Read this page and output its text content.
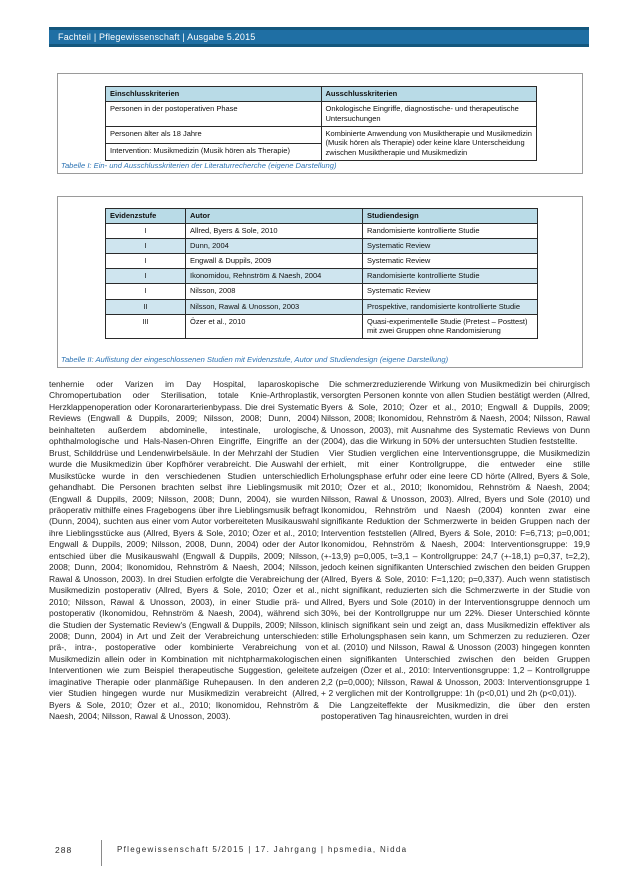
Fachteil | Pflegewissenschaft | Ausgabe 5.2015
Einschlusskriterien	Ausschlusskriterien
Personen in der postoperativen Phase	Onkologische Eingriffe, diagnostische- und therapeutische Untersuchungen
Personen älter als 18 Jahre	Kombinierte Anwendung von Musiktherapie und Musikmedizin (Musik hören als Therapie) oder keine klare Unterscheidung zwischen Musiktherapie und Musikmedizin
Intervention: Musikmedizin (Musik hören als Therapie)	
Tabelle I: Ein- und Ausschlusskriterien der Literaturrecherche (eigene Darstellung)
Evidenzstufe	Autor	Studiendesign
I	Allred, Byers & Sole, 2010	Randomisierte kontrollierte Studie
I	Dunn, 2004	Systematic Review
I	Engwall & Duppils, 2009	Systematic Review
I	Ikonomidou, Rehnström & Naesh, 2004	Randomisierte kontrollierte Studie
I	Nilsson, 2008	Systematic Review
II	Nilsson, Rawal & Unosson, 2003	Prospektive, randomisierte kontrollierte Studie
III	Özer et al., 2010	Quasi-experimentelle Studie (Pretest – Posttest) mit zwei Gruppen ohne Randomisierung
Tabelle II: Auflistung der eingeschlossenen Studien mit Evidenzstufe, Autor und Studiendesign (eigene Darstellung)

tenhernie oder Varizen im Day Hospital, laparoskopische Chromopertubation oder Sterilisation, totale Knie-Arthroplastik, Herzklappenoperation oder Koronararterienbypass. Die drei Systematic Reviews (Engwall & Duppils, 2009; Nilsson, 2008; Dunn, 2004) beinhalteten außerdem abdominelle, intestinale, urologische, ophthalmologische und Hals-Nasen-Ohren Eingriffe, Eingriffe an der Brust, Schilddrüse und Lendenwirbelsäule. In der Mehrzahl der Studien wurde die Musikmedizin über Kopfhörer verabreicht. Die Auswahl der Musikstücke wurde in den verschiedenen Studien unterschiedlich gehandhabt. Die Personen brachten selbst ihre Lieblingsmusik mit (Engwall & Duppils, 2009; Nilsson, 2008; Dunn, 2004), sie wurden präoperativ mithilfe eines Fragebogens über ihre Lieblingsmusik befragt (Dunn, 2004), suchten aus einer vom Autor vorbereiteten Musikauswahl ihre Lieblingsstücke aus (Allred, Byers & Sole, 2010; Özer et al., 2010; Engwall & Duppils, 2009; Nilsson, 2008, Dunn, 2004) oder der Autor entschied über die Musikauswahl (Engwall & Duppils, 2009; Nilsson, 2008; Dunn, 2004; Ikonomidou, Rehnström & Naesh, 2004; Nilsson, Rawal & Unosson, 2003). In drei Studien erfolgte die Verabreichung der Musikmedizin postoperativ (Allred, Byers & Sole, 2010; Özer et al., 2010; Nilsson, Rawal & Unosson, 2003), in einer Studie prä- und postoperativ (Ikonomidou, Rehnström & Naesh, 2004), während sich die Studien der Systematic Review's (Engwall & Duppils, 2009; Nilsson, 2008; Dunn, 2004) in Art und Zeit der Verabreichung unterschieden: prä-, intra-, postoperative oder kombinierte Verabreichung von Musikmedizin allein oder in Kombination mit nichtpharmakologischen Interventionen wie zum Beispiel therapeutische Suggestion, geleitete imaginative Therapie oder planmäßige Ruhepausen. In den anderen vier Studien hingegen wurde nur Musikmedizin verabreicht (Allred, Byers & Sole, 2010; Özer et al., 2010; Ikonomidou, Rehnström & Naesh, 2004; Nilsson, Rawal & Unosson, 2003).

Die schmerzreduzierende Wirkung von Musikmedizin bei chirurgisch versorgten Personen konnte von allen Studien bestätigt werden (Allred, Byers & Sole, 2010; Özer et al., 2010; Engwall & Duppils, 2009; Nilsson, 2008; Ikonomidou, Rehnström & Naesh, 2004; Nilsson, Rawal & Unosson, 2003), mit Ausnahme des Systematic Reviews von Dunn (2004), das die Wirkung in 50% der untersuchten Studien feststellte.

Vier Studien verglichen eine Interventionsgruppe, die Musikmedizin erhielt, mit einer Kontrollgruppe, die entweder eine stille Erholungsphase erfuhr oder eine leere CD hörte (Allred, Byers & Sole, 2010; Özer et al., 2010; Ikonomidou, Rehnström & Naesh, 2004; Nilsson, Rawal & Unosson, 2003). Allred, Byers und Sole (2010) und Ikonomidou, Rehnström und Naesh (2004) konnten zwar eine signifikante Reduktion der Schmerzwerte in beiden Gruppen nach der Intervention feststellen (Allred, Byers & Sole, 2010: F=6,713; p=0,001; Ikonomidou, Rehnström & Naesh, 2004: Interventionsgruppe: 19,9 (+-13,9) p=0,005, t=3,1 – Kontrollgruppe: 24,7 (+-18,1) p=0,37, t=2,2), jedoch keinen signifikanten Unterschied zwischen den beiden Gruppen (Allred, Byers & Sole, 2010: F=1,120; p=0,337). Auch wenn statistisch nicht signifikant, reduzierten sich die Schmerzwerte in der Studie von Allred, Byers und Sole (2010) in der Interventionsgruppe dennoch um 30%, bei der Kontrollgruppe nur um 22%. Dieser Unterschied könnte klinisch signifikant sein und zeigt an, dass Musikmedizin effektiver als stille Erholungsphasen sein kann, um Schmerzen zu reduzieren. Özer et al. (2010) und Nilsson, Rawal & Unosson (2003) hingegen konnten einen signifikanten Unterschied zwischen den beiden Gruppen aufzeigen (Özer et al., 2010: Interventionsgruppe: 1,2 – Kontrollgruppe 2,2 (p=0,000); Nilsson, Rawal & Unosson, 2003: Interventionsgruppe 1 + 2 verglichen mit der Kontrollgruppe: 1h (p<0,01) und 2h (p<0,01)).

Die Langzeiteffekte der Musikmedizin, die über den ersten postoperativen Tag hinausreichten, wurden in drei

288	Pflegewissenschaft 5/2015 | 17. Jahrgang | hpsmedia, Nidda
